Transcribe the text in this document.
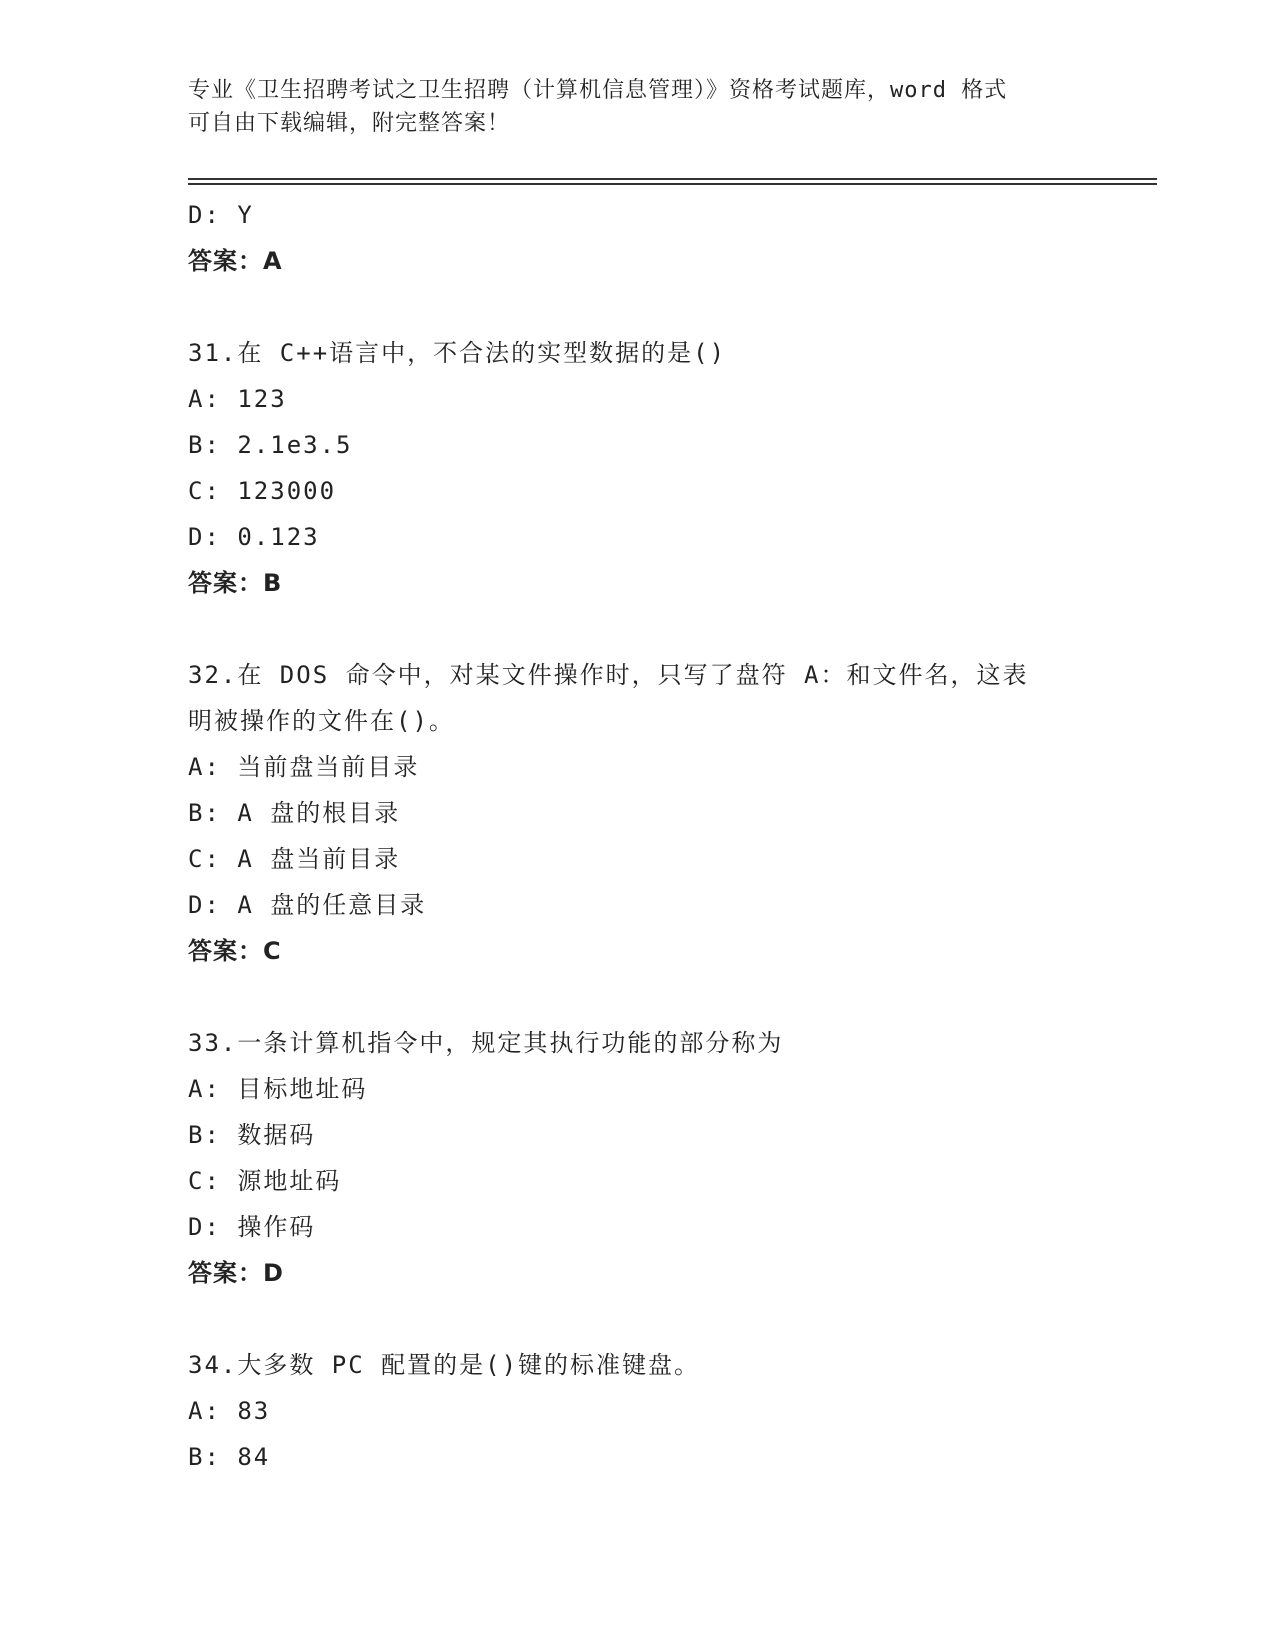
专业《卫生招聘考试之卫生招聘（计算机信息管理）》资格考试题库，word 格式
可自由下载编辑，附完整答案！
D: Y
答案：A
31.在 C++语言中，不合法的实型数据的是()
A: 123
B: 2.1e3.5
C: 123000
D: 0.123
答案：B
32.在 DOS 命令中，对某文件操作时，只写了盘符 A：和文件名，这表
明被操作的文件在()。
A: 当前盘当前目录
B: A 盘的根目录
C: A 盘当前目录
D: A 盘的任意目录
答案：C
33.一条计算机指令中，规定其执行功能的部分称为
A: 目标地址码
B: 数据码
C: 源地址码
D: 操作码
答案：D
34.大多数 PC 配置的是()键的标准键盘。
A: 83
B: 84
